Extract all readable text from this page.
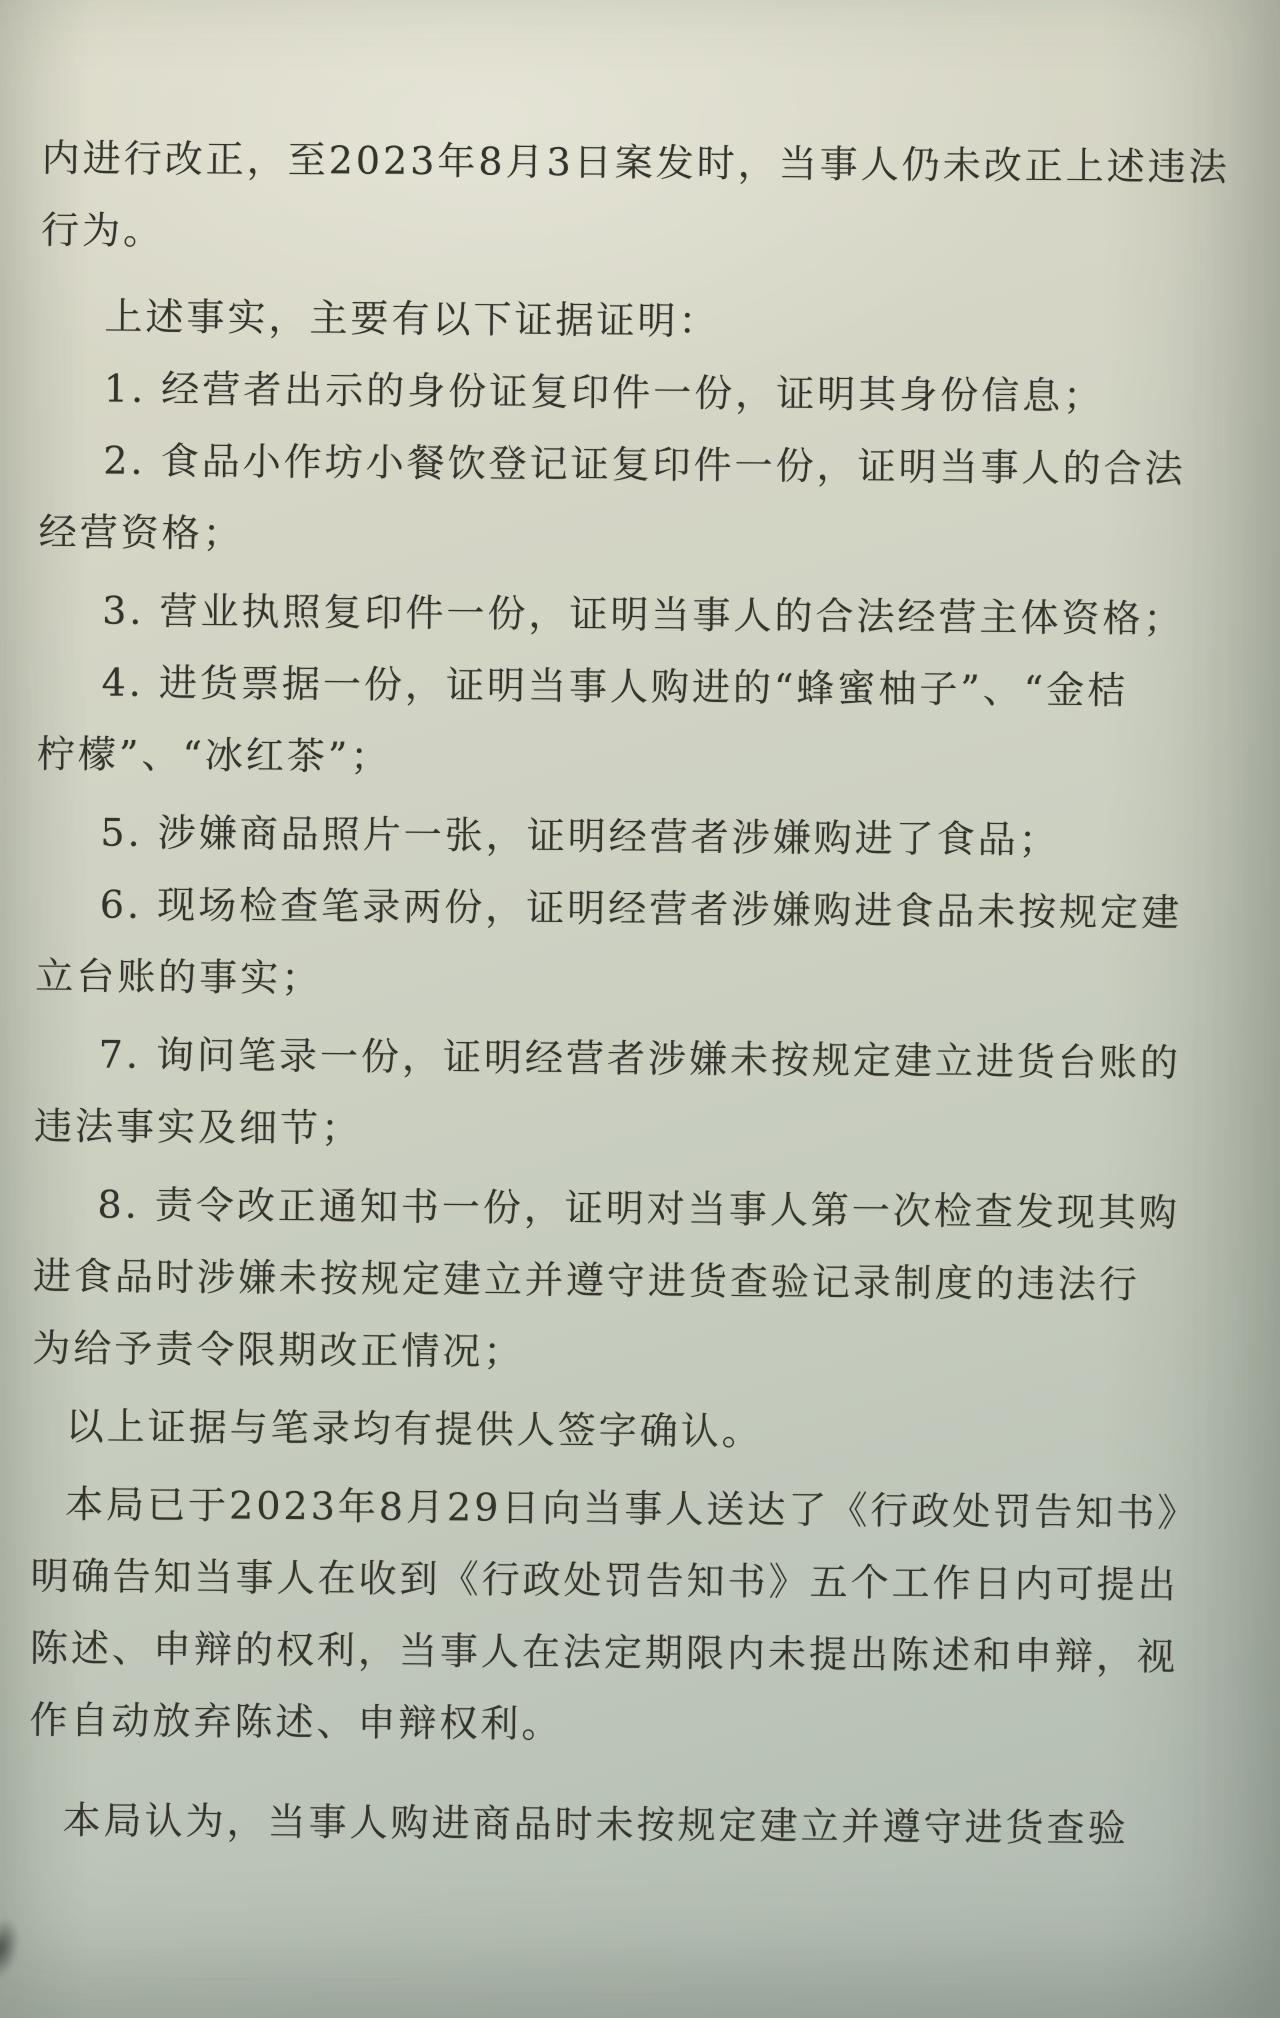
内进行改正，至2023年8月3日案发时，当事人仍未改正上述违法
行为。
上述事实，主要有以下证据证明：
1. 经营者出示的身份证复印件一份，证明其身份信息；
2. 食品小作坊小餐饮登记证复印件一份，证明当事人的合法
经营资格；
3. 营业执照复印件一份，证明当事人的合法经营主体资格；
4. 进货票据一份，证明当事人购进的“蜂蜜柚子”、“金桔
柠檬”、“冰红茶”；
5. 涉嫌商品照片一张，证明经营者涉嫌购进了食品；
6. 现场检查笔录两份，证明经营者涉嫌购进食品未按规定建
立台账的事实；
7. 询问笔录一份，证明经营者涉嫌未按规定建立进货台账的
违法事实及细节；
8. 责令改正通知书一份，证明对当事人第一次检查发现其购
进食品时涉嫌未按规定建立并遵守进货查验记录制度的违法行
为给予责令限期改正情况；
以上证据与笔录均有提供人签字确认。
本局已于2023年8月29日向当事人送达了《行政处罚告知书》
明确告知当事人在收到《行政处罚告知书》五个工作日内可提出
陈述、申辩的权利，当事人在法定期限内未提出陈述和申辩，视
作自动放弃陈述、申辩权利。
本局认为，当事人购进商品时未按规定建立并遵守进货查验
